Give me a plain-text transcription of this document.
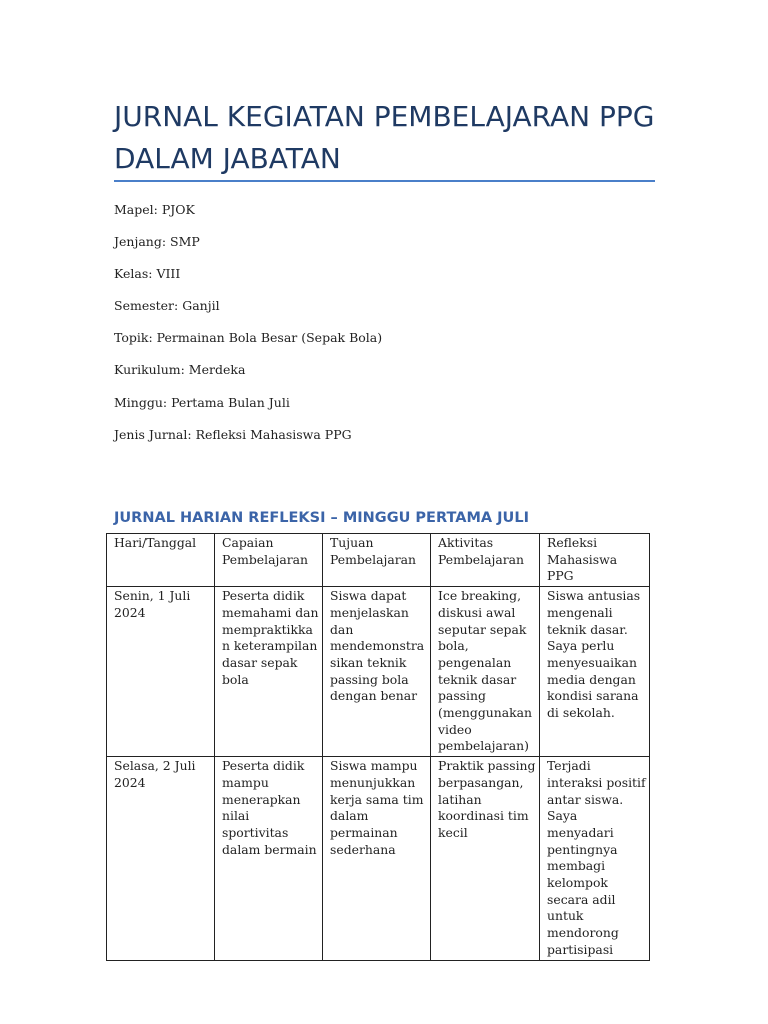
JURNAL KEGIATAN PEMBELAJARAN PPG DALAM JABATAN
Mapel: PJOK
Jenjang: SMP
Kelas: VIII
Semester: Ganjil
Topik: Permainan Bola Besar (Sepak Bola)
Kurikulum: Merdeka
Minggu: Pertama Bulan Juli
Jenis Jurnal: Refleksi Mahasiswa PPG
JURNAL HARIAN REFLEKSI – MINGGU PERTAMA JULI
Hari/Tanggal	Capaian Pembelajaran	Tujuan Pembelajaran	Aktivitas Pembelajaran	Refleksi Mahasiswa PPG
Senin, 1 Juli 2024	Peserta didik memahami dan mempraktikkan keterampilan dasar sepak bola	Siswa dapat menjelaskan dan mendemonstrasikan teknik passing bola dengan benar	Ice breaking, diskusi awal seputar sepak bola, pengenalan teknik dasar passing (menggunakan video pembelajaran)	Siswa antusias mengenali teknik dasar. Saya perlu menyesuaikan media dengan kondisi sarana di sekolah.
Selasa, 2 Juli 2024	Peserta didik mampu menerapkan nilai sportivitas dalam bermain	Siswa mampu menunjukkan kerja sama tim dalam permainan sederhana	Praktik passing berpasangan, latihan koordinasi tim kecil	Terjadi interaksi positif antar siswa. Saya menyadari pentingnya membagi kelompok secara adil untuk mendorong partisipasi
